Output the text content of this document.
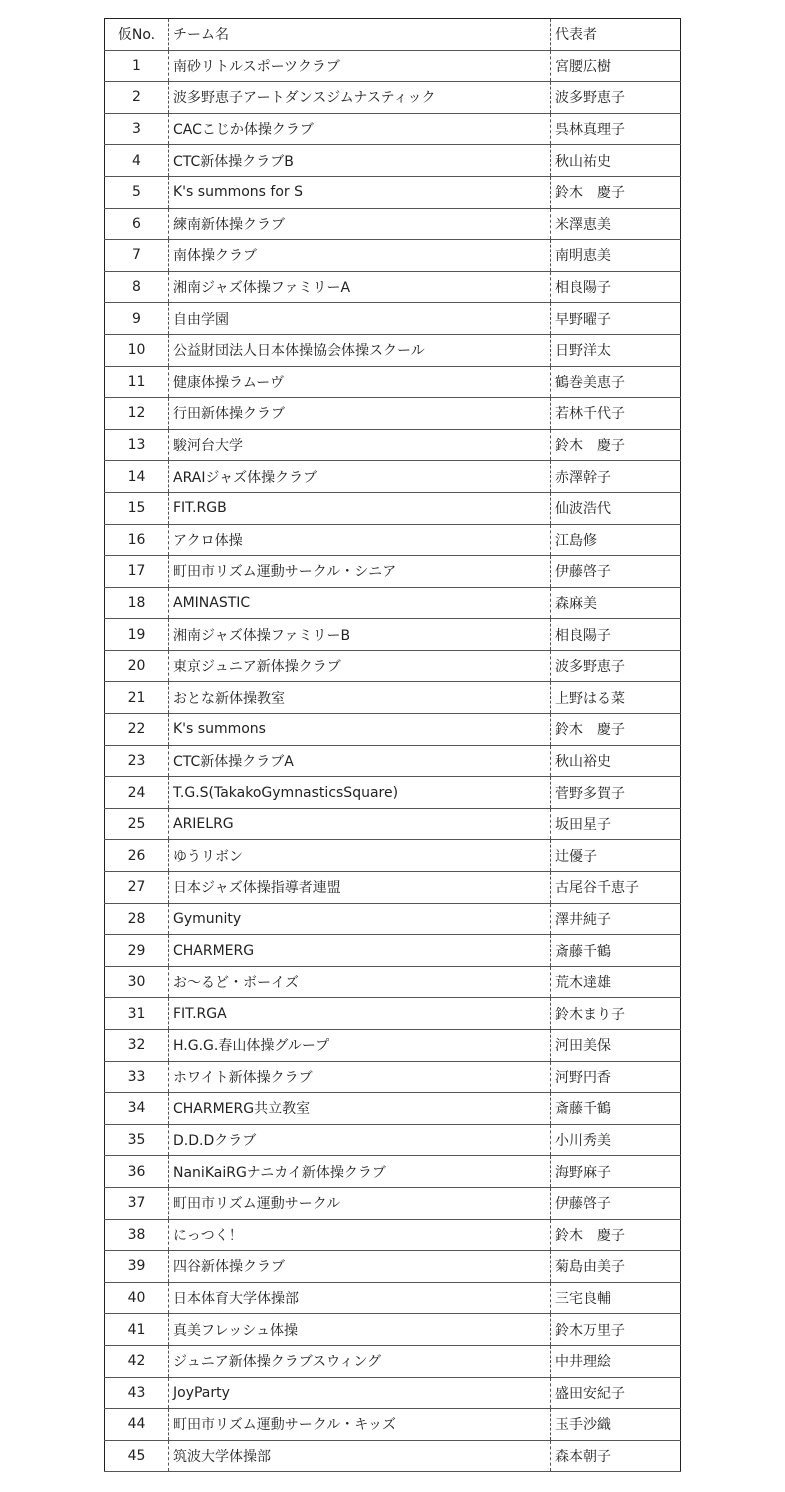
仮No.	チーム名	代表者
1	南砂リトルスポーツクラブ	宮腰広樹
2	波多野恵子アートダンスジムナスティック	波多野恵子
3	CACこじか体操クラブ	呉林真理子
4	CTC新体操クラブB	秋山祐史
5	K's summons for S	鈴木　慶子
6	練南新体操クラブ	米澤恵美
7	南体操クラブ	南明恵美
8	湘南ジャズ体操ファミリーA	相良陽子
9	自由学園	早野曜子
10	公益財団法人日本体操協会体操スクール	日野洋太
11	健康体操ラムーヴ	鶴巻美恵子
12	行田新体操クラブ	若林千代子
13	駿河台大学	鈴木　慶子
14	ARAIジャズ体操クラブ	赤澤幹子
15	FIT.RGB	仙波浩代
16	アクロ体操	江島修
17	町田市リズム運動サークル・シニア	伊藤啓子
18	AMINASTIC	森麻美
19	湘南ジャズ体操ファミリーB	相良陽子
20	東京ジュニア新体操クラブ	波多野恵子
21	おとな新体操教室	上野はる菜
22	K's summons	鈴木　慶子
23	CTC新体操クラブA	秋山裕史
24	T.G.S(TakakoGymnasticsSquare)	菅野多賀子
25	ARIELRG	坂田星子
26	ゆうリボン	辻優子
27	日本ジャズ体操指導者連盟	古尾谷千恵子
28	Gymunity	澤井純子
29	CHARMERG	斎藤千鶴
30	お～るど・ボーイズ	荒木達雄
31	FIT.RGA	鈴木まり子
32	H.G.G.春山体操グループ	河田美保
33	ホワイト新体操クラブ	河野円香
34	CHARMERG共立教室	斎藤千鶴
35	D.D.Dクラブ	小川秀美
36	NaniKaiRGナニカイ新体操クラブ	海野麻子
37	町田市リズム運動サークル	伊藤啓子
38	にっつく！	鈴木　慶子
39	四谷新体操クラブ	菊島由美子
40	日本体育大学体操部	三宅良輔
41	真美フレッシュ体操	鈴木万里子
42	ジュニア新体操クラブスウィング	中井理絵
43	JoyParty	盛田安紀子
44	町田市リズム運動サークル・キッズ	玉手沙織
45	筑波大学体操部	森本朝子
